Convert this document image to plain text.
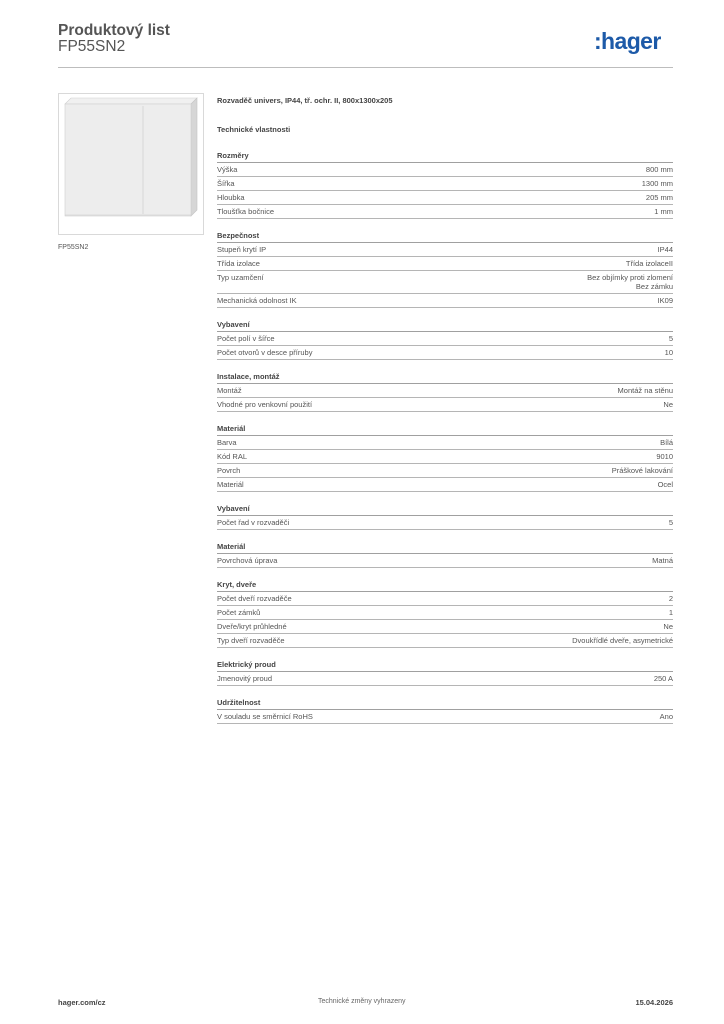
Produktový list
FP55SN2	:hager
FP55SN2
Rozvaděč univers, IP44, tř. ochr. II, 800x1300x205
Technické vlastnosti
Rozměry
Výška	800 mm
Šířka	1300 mm
Hloubka	205 mm
Tloušťka bočnice	1 mm
Bezpečnost
Stupeň krytí IP	IP44
Třída izolace	Třída izolaceII
Typ uzamčení	Bez objímky proti zlomení
Bez zámku
Mechanická odolnost IK	IK09
Vybavení
Počet polí v šířce	5
Počet otvorů v desce příruby	10
Instalace, montáž
Montáž	Montáž na stěnu
Vhodné pro venkovní použití	Ne
Materiál
Barva	Bílá
Kód RAL	9010
Povrch	Práškové lakování
Materiál	Ocel
Vybavení
Počet řad v rozvaděči	5
Materiál
Povrchová úprava	Matná
Kryt, dveře
Počet dveří rozvaděče	2
Počet zámků	1
Dveře/kryt průhledné	Ne
Typ dveří rozvaděče	Dvoukřídlé dveře, asymetrické
Elektrický proud
Jmenovitý proud	250 A
Udržitelnost
V souladu se směrnicí RoHS	Ano
hager.com/cz	Technické změny vyhrazeny	15.04.2026
